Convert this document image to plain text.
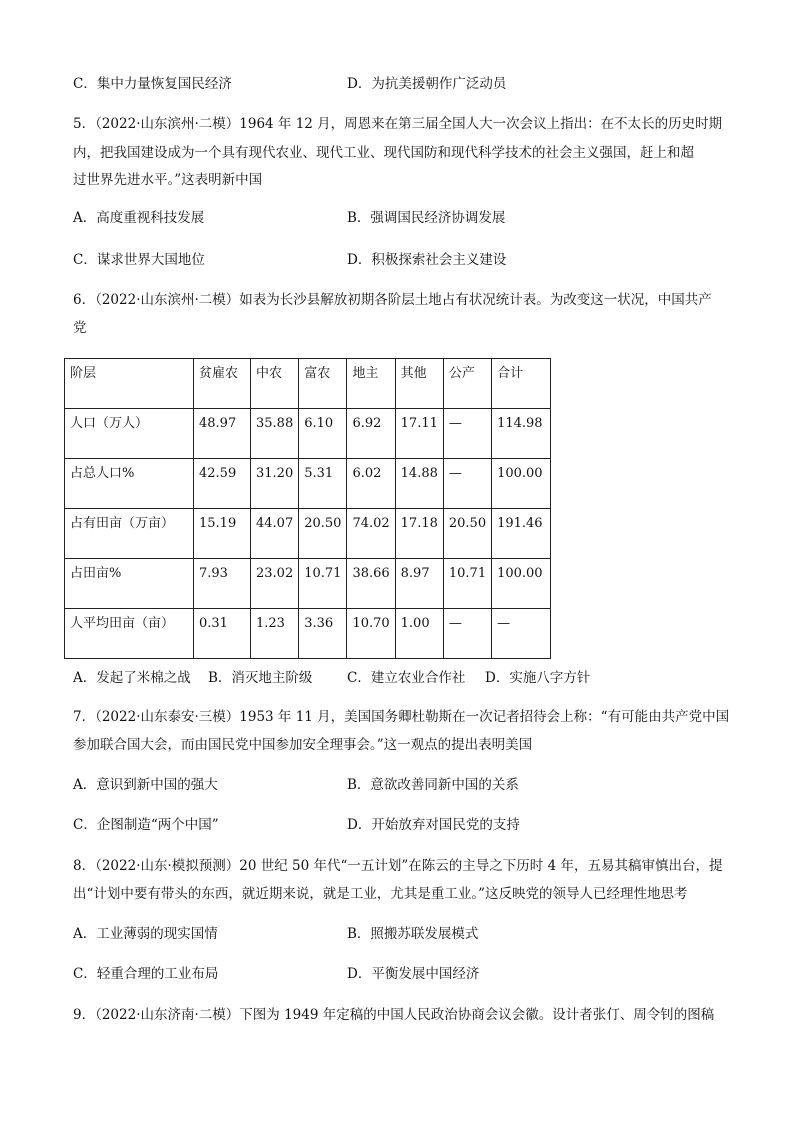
C．集中力量恢复国民经济	D．为抗美援朝作广泛动员
5．（2022·山东滨州·二模）1964 年 12 月，周恩来在第三届全国人大一次会议上指出：在不太长的历史时期
内，把我国建设成为一个具有现代农业、现代工业、现代国防和现代科学技术的社会主义强国，赶上和超
过世界先进水平。”这表明新中国
A．高度重视科技发展	B．强调国民经济协调发展
C．谋求世界大国地位	D．积极探索社会主义建设
6．（2022·山东滨州·二模）如表为长沙县解放初期各阶层土地占有状况统计表。为改变这一状况，中国共产
党
阶层	贫雇农	中农	富农	地主	其他	公产	合计
人口（万人）	48.97	35.88	6.10	6.92	17.11	—	114.98
占总人口%	42.59	31.20	5.31	6.02	14.88	—	100.00
占有田亩（万亩）	15.19	44.07	20.50	74.02	17.18	20.50	191.46
占田亩%	7.93	23.02	10.71	38.66	8.97	10.71	100.00
人平均田亩（亩）	0.31	1.23	3.36	10.70	1.00	—	—
A．发起了米棉之战 B．消灭地主阶级	C．建立农业合作社 D．实施八字方针
7．（2022·山东泰安·三模）1953 年 11 月，美国国务卿杜勒斯在一次记者招待会上称：“有可能由共产党中国
参加联合国大会，而由国民党中国参加安全理事会。”这一观点的提出表明美国
A．意识到新中国的强大	B．意欲改善同新中国的关系
C．企图制造“两个中国”	D．开始放弃对国民党的支持
8．（2022·山东·模拟预测）20 世纪 50 年代“一五计划”在陈云的主导之下历时 4 年，五易其稿审慎出台，提
出“计划中要有带头的东西，就近期来说，就是工业，尤其是重工业。”这反映党的领导人已经理性地思考
A．工业薄弱的现实国情	B．照搬苏联发展模式
C．轻重合理的工业布局	D．平衡发展中国经济
9．（2022·山东济南·二模）下图为 1949 年定稿的中国人民政治协商会议会徽。设计者张仃、周令钊的图稿
